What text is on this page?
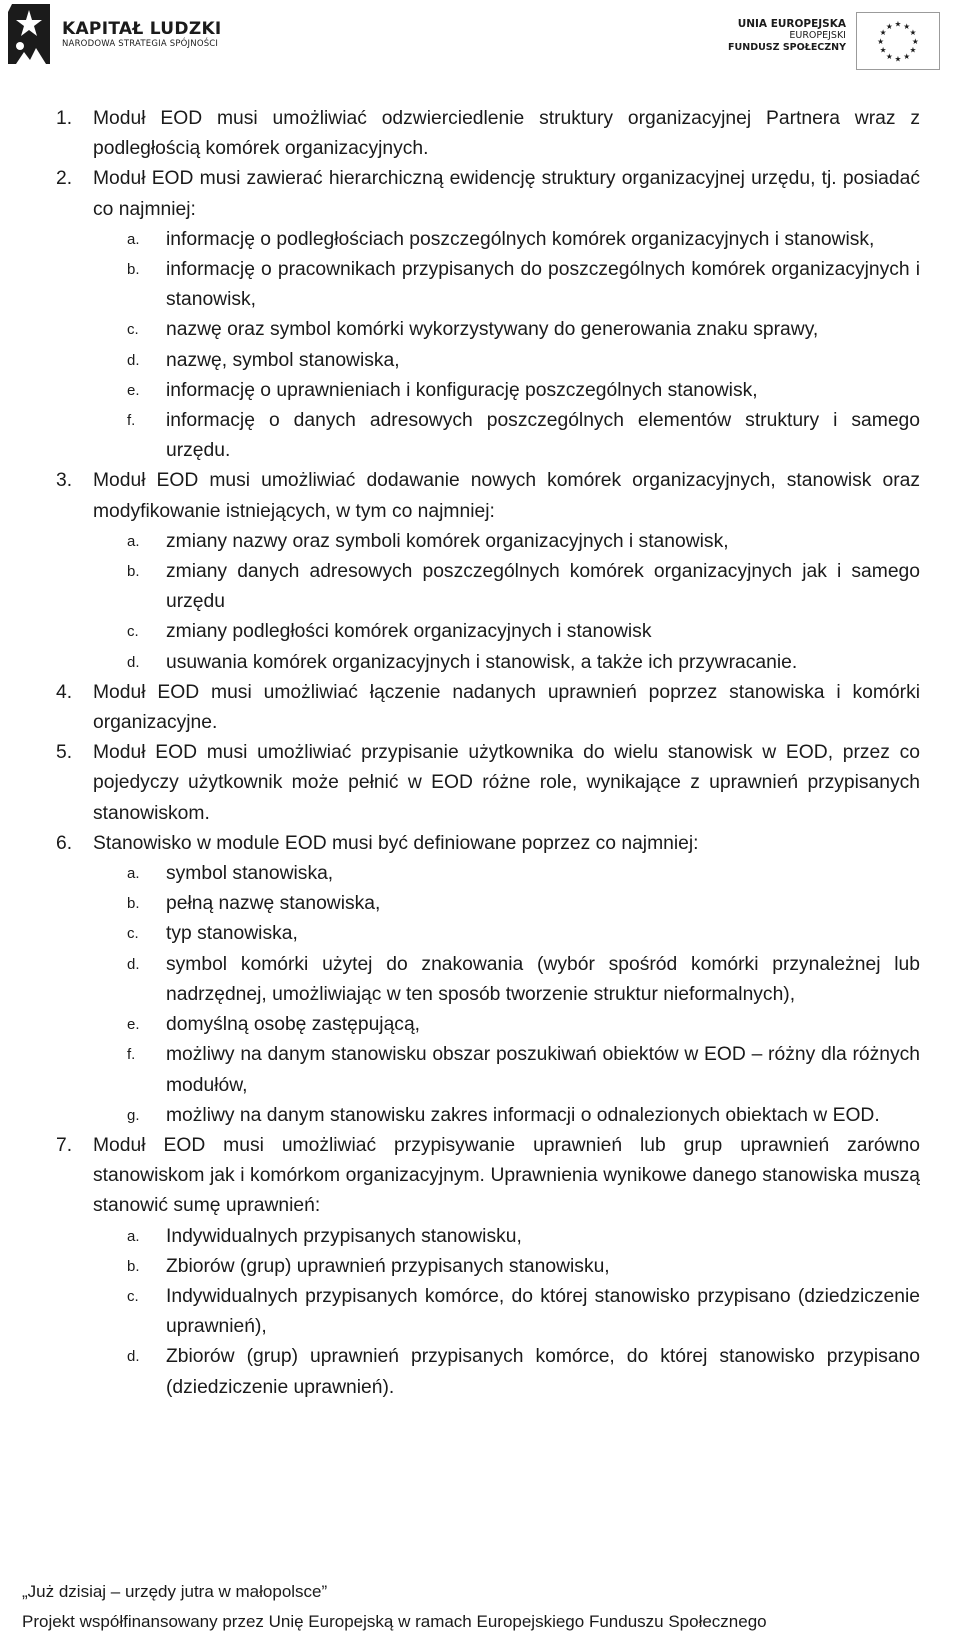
KAPITAŁ LUDZKI
NARODOWA STRATEGIA SPÓJNOŚCI
UNIA EUROPEJSKA
EUROPEJSKI
FUNDUSZ SPOŁECZNY
★ ★
★
★
★
★
★
★
★
★
★
★
1. Moduł EOD musi umożliwiać odzwierciedlenie struktury organizacyjnej Partnera wraz z podległością komórek organizacyjnych.
2. Moduł EOD musi zawierać hierarchiczną ewidencję struktury organizacyjnej urzędu, tj. posiadać co najmniej:
a. informację o podległościach poszczególnych komórek organizacyjnych i stanowisk,
b. informację o pracownikach przypisanych do poszczególnych komórek organizacyjnych i stanowisk,
c. nazwę oraz symbol komórki wykorzystywany do generowania znaku sprawy,
d. nazwę, symbol stanowiska,
e. informację o uprawnieniach i konfigurację poszczególnych stanowisk,
f. informację o danych adresowych poszczególnych elementów struktury i samego urzędu.
3. Moduł EOD musi umożliwiać dodawanie nowych komórek organizacyjnych, stanowisk oraz modyfikowanie istniejących, w tym co najmniej:
a. zmiany nazwy oraz symboli komórek organizacyjnych i stanowisk,
b. zmiany danych adresowych poszczególnych komórek organizacyjnych jak i samego urzędu
c. zmiany podległości komórek organizacyjnych i stanowisk
d. usuwania komórek organizacyjnych i stanowisk, a także ich przywracanie.
4. Moduł EOD musi umożliwiać łączenie nadanych uprawnień poprzez stanowiska i komórki organizacyjne.
5. Moduł EOD musi umożliwiać przypisanie użytkownika do wielu stanowisk w EOD, przez co pojedyczy użytkownik może pełnić w EOD różne role, wynikające z uprawnień przypisanych stanowiskom.
6. Stanowisko w module EOD musi być definiowane poprzez co najmniej:
a. symbol stanowiska,
b. pełną nazwę stanowiska,
c. typ stanowiska,
d. symbol komórki użytej do znakowania (wybór spośród komórki przynależnej lub nadrzędnej, umożliwiając w ten sposób tworzenie struktur nieformalnych),
e. domyślną osobę zastępującą,
f. możliwy na danym stanowisku obszar poszukiwań obiektów w EOD – różny dla różnych modułów,
g. możliwy na danym stanowisku zakres informacji o odnalezionych obiektach w EOD.
7. Moduł EOD musi umożliwiać przypisywanie uprawnień lub grup uprawnień zarówno stanowiskom jak i komórkom organizacyjnym. Uprawnienia wynikowe danego stanowiska muszą stanowić sumę uprawnień:
a. Indywidualnych przypisanych stanowisku,
b. Zbiorów (grup) uprawnień przypisanych stanowisku,
c. Indywidualnych przypisanych komórce, do której stanowisko przypisano (dziedziczenie uprawnień),
d. Zbiorów (grup) uprawnień przypisanych komórce, do której stanowisko przypisano (dziedziczenie uprawnień).
„Już dzisiaj – urzędy jutra w małopolsce”
Projekt współfinansowany przez Unię Europejską w ramach Europejskiego Funduszu Społecznego
